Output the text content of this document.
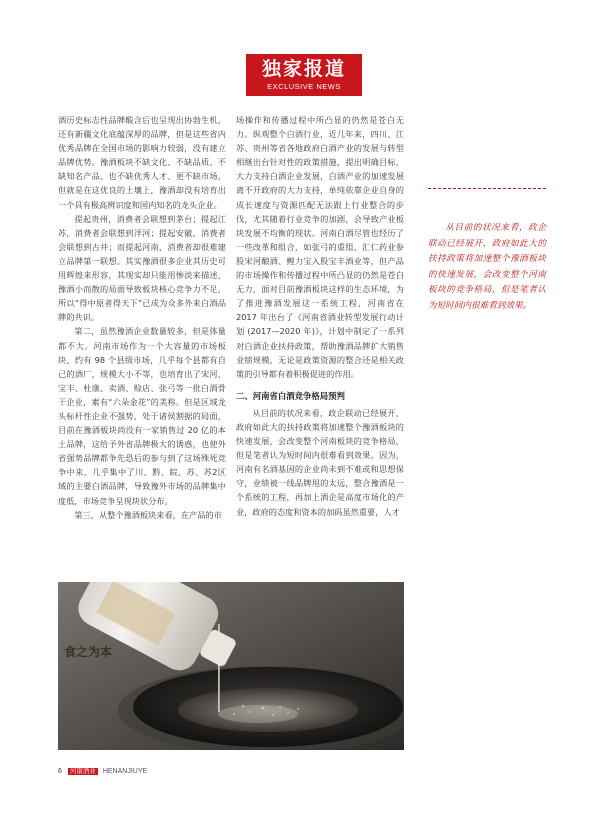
独家报道
EXCLUSIVE NEWS

酒历史标志性品牌酸含后也呈现出协勃生机，还有新疆文化底蕴深厚的品牌，但是这些省内优秀品牌在全国市场的影响力较弱，没有建立品牌优势。豫酒板块不缺文化、不缺品质、不缺知名产品、也不缺优秀人才、更不缺市场，但就是在这优良的土壤上，豫酒却没有培育出一个具有极高辨识度和国内知名的龙头企业。

提起贵州，消费者会联想到茅台；提起江苏，消费者会联想到洋河；提起安徽，消费者会联想到古井；而提起河南，消费者却很难建立品牌第一联想。其实豫酒很多企业其历史可用辉煌来形容，其现实却只能用惨淡来描述，豫酒小而散的局面导致板块核心竞争力不足，所以“得中原者得天下”已成为众多外来白酒品牌的共识。

第二，虽然豫酒企业数量较多，但是体量都不大。河南市场作为一个大容量的市场板块，约有 98 个县级市场，几乎每个县都有自己的酒厂，规模大小不等，也培育出了宋河、宝丰、杜康、卖酒、赊店、张弓等一批白酒骨干企业，素有“六朵金花”的美称。但是区域龙头标杆性企业不强势，处于诸侯割据的局面，目前在豫酒板块尚没有一家销售过 20 亿的本土品牌，这给予外省品牌极大的诱惑，也使外省强势品牌都争先恐后的参与到了这场殊死竞争中来，几乎集中了川、黔、皖、苏、苏2区域的主要白酒品牌，导致豫外市场的品牌集中度低，市场竞争呈现块状分布。

第三，从整个豫酒板块来看，在产品的市

场操作和传播过程中所凸显的仍然是苍白无力。纵观整个白酒行业，近几年来，四川、江苏、贵州等省各地政府白酒产业的发展与转型相继出台针对性的政策措施，提出明确目标，大力支持白酒企业发展，白酒产业的加速发展离不开政府的大力支持，单纯依靠企业自身的成长速度与资源匹配无法跟上行业整合的步伐，尤其随着行业竞争的加剧，会导致产业板块发展不均衡的现状。河南白酒尽管也经历了一些改革和组合，如张弓的重组、汇仁药业参股宋河酿酒、鲤力宝入股宝丰酒业等，但产品的市场操作和传播过程中所凸显的仍然是苍白无力，面对目前豫酒板块这样的生态环境，为了推进豫酒发展这一系统工程，河南省在 2017 年出台了《河南省酒业转型发展行动计划 (2017—2020 年)》，计划中制定了一系列对白酒企业扶持政策，帮助豫酒品牌扩大销售业绩规模，无论是政策资源的整合还是相关政策的引导都有着积极促进的作用。

二、河南省白酒竞争格局预判

从目前的状况来看，政企联动已经展开，政府如此大的扶持政策将加速整个豫酒板块的快速发展，会改变整个河南板块的竞争格局，但是笔者认为短时间内很难看到效果。因为，河南有名酒基因的企业尚未到不难或和思想保守，业绩被一线品牌甩的太远，整合豫酒是一个系统的工程，再加上酒企是高度市场化的产业，政府的态度和资本的加码虽然重要，人才

从目前的状况来看，政企联动已经展开，政府如此大的扶持政策将加速整个豫酒板块的快速发展，会改变整个河南板块的竞争格局，但是笔者认为短时间内很难看到效果。
食之为本
6 河南酒业 HENANJIUYE
